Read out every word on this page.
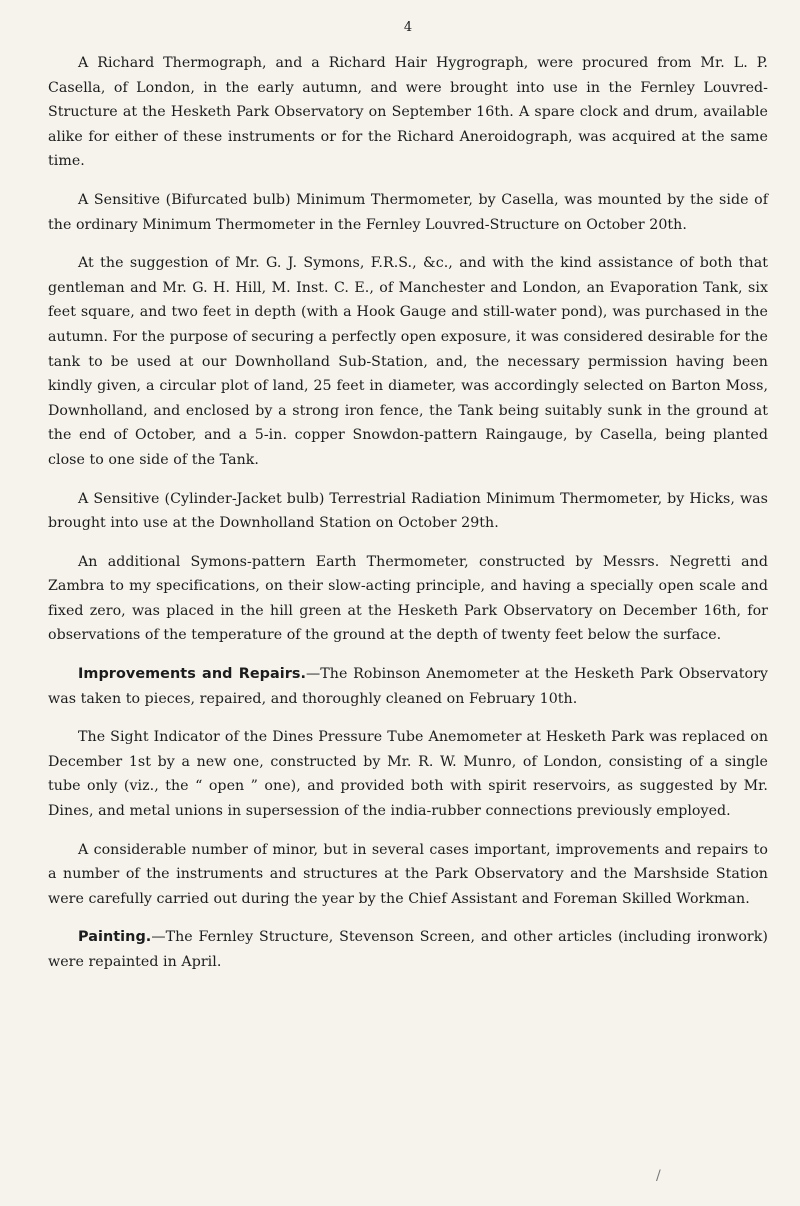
4

A Richard Thermograph, and a Richard Hair Hygrograph, were procured from Mr. L. P. Casella, of London, in the early autumn, and were brought into use in the Fernley Louvred-Structure at the Hesketh Park Observatory on September 16th. A spare clock and drum, available alike for either of these instruments or for the Richard Aneroidograph, was acquired at the same time.

A Sensitive (Bifurcated bulb) Minimum Thermometer, by Casella, was mounted by the side of the ordinary Minimum Thermometer in the Fernley Louvred-Structure on October 20th.

At the suggestion of Mr. G. J. Symons, F.R.S., &c., and with the kind assistance of both that gentleman and Mr. G. H. Hill, M. Inst. C. E., of Manchester and London, an Evaporation Tank, six feet square, and two feet in depth (with a Hook Gauge and still-water pond), was purchased in the autumn. For the purpose of securing a perfectly open exposure, it was considered desirable for the tank to be used at our Downholland Sub-Station, and, the necessary permission having been kindly given, a circular plot of land, 25 feet in diameter, was accordingly selected on Barton Moss, Downholland, and enclosed by a strong iron fence, the Tank being suitably sunk in the ground at the end of October, and a 5-in. copper Snowdon-pattern Raingauge, by Casella, being planted close to one side of the Tank.

A Sensitive (Cylinder-Jacket bulb) Terrestrial Radiation Minimum Thermometer, by Hicks, was brought into use at the Downholland Station on October 29th.

An additional Symons-pattern Earth Thermometer, constructed by Messrs. Negretti and Zambra to my specifications, on their slow-acting principle, and having a specially open scale and fixed zero, was placed in the hill green at the Hesketh Park Observatory on December 16th, for observations of the temperature of the ground at the depth of twenty feet below the surface.

Improvements and Repairs.—The Robinson Anemometer at the Hesketh Park Observatory was taken to pieces, repaired, and thoroughly cleaned on February 10th.

The Sight Indicator of the Dines Pressure Tube Anemometer at Hesketh Park was replaced on December 1st by a new one, constructed by Mr. R. W. Munro, of London, consisting of a single tube only (viz., the “ open ” one), and provided both with spirit reservoirs, as suggested by Mr. Dines, and metal unions in supersession of the india-rubber connections previously employed.

A considerable number of minor, but in several cases important, improvements and repairs to a number of the instruments and structures at the Park Observatory and the Marshside Station were carefully carried out during the year by the Chief Assistant and Foreman Skilled Workman.

Painting.—The Fernley Structure, Stevenson Screen, and other articles (including ironwork) were repainted in April.

/
